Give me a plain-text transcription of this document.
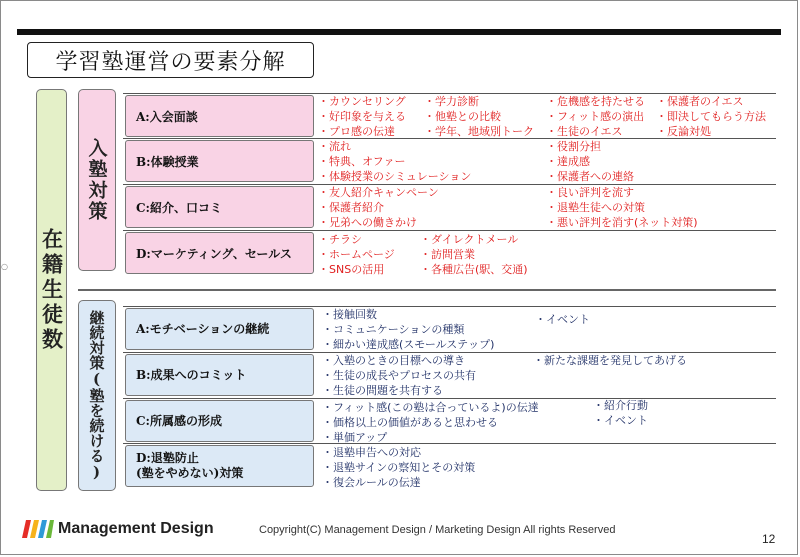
○
学習塾運営の要素分解
在籍生徒数
入塾対策
継続対策(塾を続ける)
A:入会面談
B:体験授業
C:紹介、口コミ
D:マーケティング、セールス
A:モチベーションの継続
B:成果へのコミット
C:所属感の形成
D:退塾防止
(塾をやめない)対策
・カウンセリング
・好印象を与える
・プロ感の伝達
・学力診断
・他塾との比較
・学年、地域別トーク
・危機感を持たせる
・フィット感の演出
・生徒のイエス
・保護者のイエス
・即決してもらう方法
・反論対処
・流れ
・特典、オファー
・体験授業のシミュレーション
・役割分担
・達成感
・保護者への連絡
・友人紹介キャンペーン
・保護者紹介
・兄弟への働きかけ
・良い評判を流す
・退塾生徒への対策
・悪い評判を消す(ネット対策)
・チラシ
・ホームページ
・SNSの活用
・ダイレクトメール
・訪問営業
・各種広告(駅、交通)
・接触回数
・コミュニケーションの種類
・細かい達成感(スモールステップ)
・イベント
・入塾のときの目標への導き
・生徒の成長やプロセスの共有
・生徒の問題を共有する
・新たな課題を発見してあげる
・フィット感(この塾は合っているよ)の伝達
・価格以上の価値があると思わせる
・単価アップ
・紹介行動
・イベント
・退塾申告への対応
・退塾サインの察知とその対策
・復会ルールの伝達
Management Design	Copyright(C) Management Design / Marketing Design All rights Reserved
12
